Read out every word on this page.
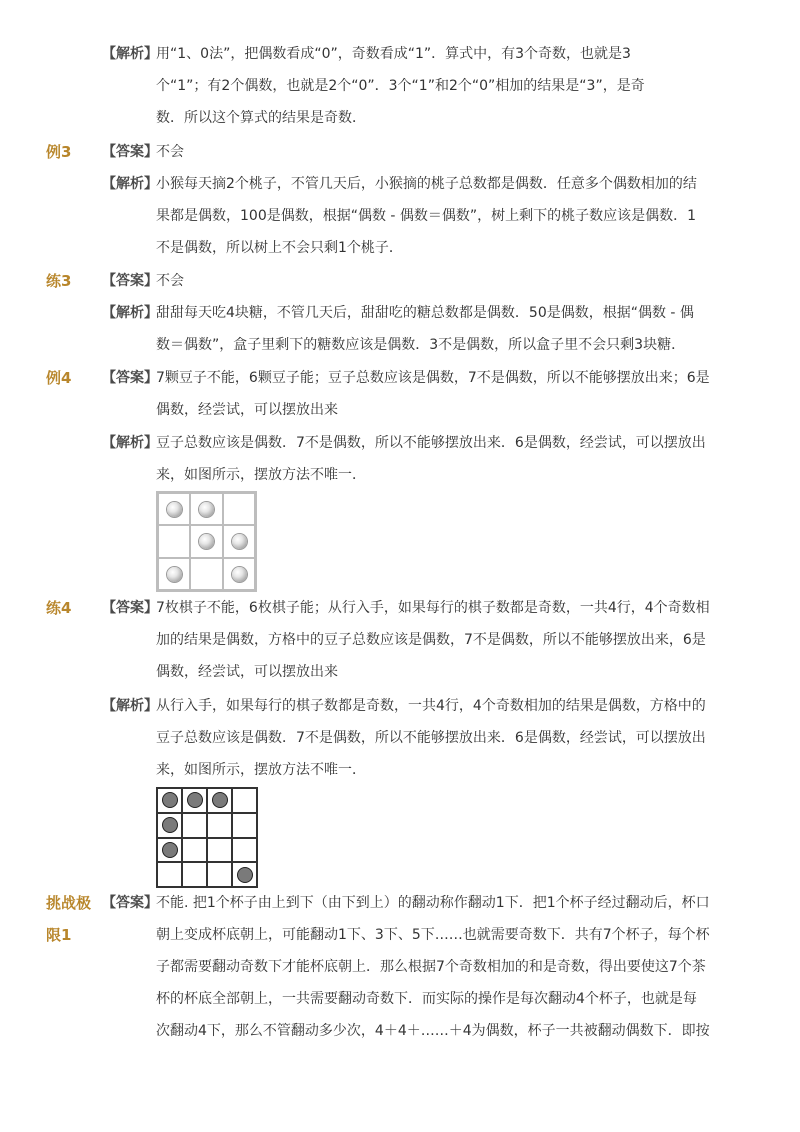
【解析】
用“1、0法”，把偶数看成“0”，奇数看成“1”．算式中，有3个奇数，也就是3
个“1”；有2个偶数，也就是2个“0”．3个“1”和2个“0”相加的结果是“3”，是奇
数．所以这个算式的结果是奇数．
例3 【答案】
不会
【解析】
小猴每天摘2个桃子，不管几天后，小猴摘的桃子总数都是偶数．任意多个偶数相加的结
果都是偶数，100是偶数，根据“偶数 - 偶数＝偶数”，树上剩下的桃子数应该是偶数．1
不是偶数，所以树上不会只剩1个桃子．
练3 【答案】
不会
【解析】
甜甜每天吃4块糖，不管几天后，甜甜吃的糖总数都是偶数．50是偶数，根据“偶数 - 偶
数＝偶数”，盒子里剩下的糖数应该是偶数．3不是偶数，所以盒子里不会只剩3块糖．
例4 【答案】
7颗豆子不能，6颗豆子能；豆子总数应该是偶数，7不是偶数，所以不能够摆放出来；6是
偶数，经尝试，可以摆放出来
【解析】
豆子总数应该是偶数．7不是偶数，所以不能够摆放出来．6是偶数，经尝试，可以摆放出
来，如图所示，摆放方法不唯一．
练4 【答案】
7枚棋子不能，6枚棋子能；从行入手，如果每行的棋子数都是奇数，一共4行，4个奇数相
加的结果是偶数，方格中的豆子总数应该是偶数，7不是偶数，所以不能够摆放出来，6是
偶数，经尝试，可以摆放出来
【解析】
从行入手，如果每行的棋子数都是奇数，一共4行，4个奇数相加的结果是偶数，方格中的
豆子总数应该是偶数．7不是偶数，所以不能够摆放出来．6是偶数，经尝试，可以摆放出
来，如图所示，摆放方法不唯一．
挑战极限1
【答案】
不能. 把1个杯子由上到下（由下到上）的翻动称作翻动1下．把1个杯子经过翻动后，杯口
朝上变成杯底朝上，可能翻动1下、3下、5下……也就需要奇数下．共有7个杯子，每个杯
子都需要翻动奇数下才能杯底朝上．那么根据7个奇数相加的和是奇数，得出要使这7个茶
杯的杯底全部朝上，一共需要翻动奇数下．而实际的操作是每次翻动4个杯子，也就是每
次翻动4下，那么不管翻动多少次，4＋4＋……＋4为偶数，杯子一共被翻动偶数下．即按
